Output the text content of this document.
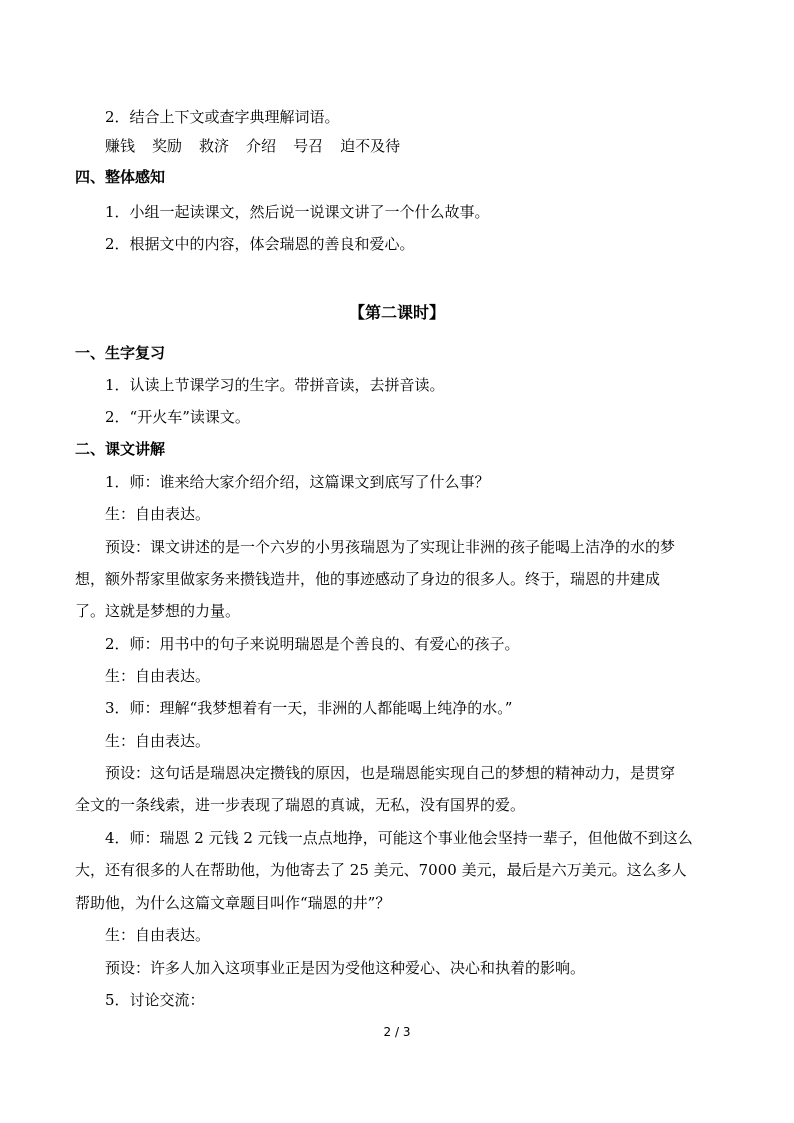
2．结合上下文或查字典理解词语。
赚钱 奖励 救济 介绍 号召 迫不及待
四、整体感知
1．小组一起读课文，然后说一说课文讲了一个什么故事。
2．根据文中的内容，体会瑞恩的善良和爱心。
【第二课时】
一、生字复习
1．认读上节课学习的生字。带拼音读，去拼音读。
2．“开火车”读课文。
二、课文讲解
1．师：谁来给大家介绍介绍，这篇课文到底写了什么事？
生：自由表达。
预设：课文讲述的是一个六岁的小男孩瑞恩为了实现让非洲的孩子能喝上洁净的水的梦
想，额外帮家里做家务来攒钱造井，他的事迹感动了身边的很多人。终于，瑞恩的井建成
了。这就是梦想的力量。
2．师：用书中的句子来说明瑞恩是个善良的、有爱心的孩子。
生：自由表达。
3．师：理解“我梦想着有一天，非洲的人都能喝上纯净的水。”
生：自由表达。
预设：这句话是瑞恩决定攒钱的原因，也是瑞恩能实现自己的梦想的精神动力，是贯穿
全文的一条线索，进一步表现了瑞恩的真诚，无私，没有国界的爱。
4．师：瑞恩 2 元钱 2 元钱一点点地挣，可能这个事业他会坚持一辈子，但他做不到这么
大，还有很多的人在帮助他，为他寄去了 25 美元、7000 美元，最后是六万美元。这么多人
帮助他，为什么这篇文章题目叫作“瑞恩的井”？
生：自由表达。
预设：许多人加入这项事业正是因为受他这种爱心、决心和执着的影响。
5．讨论交流：
2 / 3
